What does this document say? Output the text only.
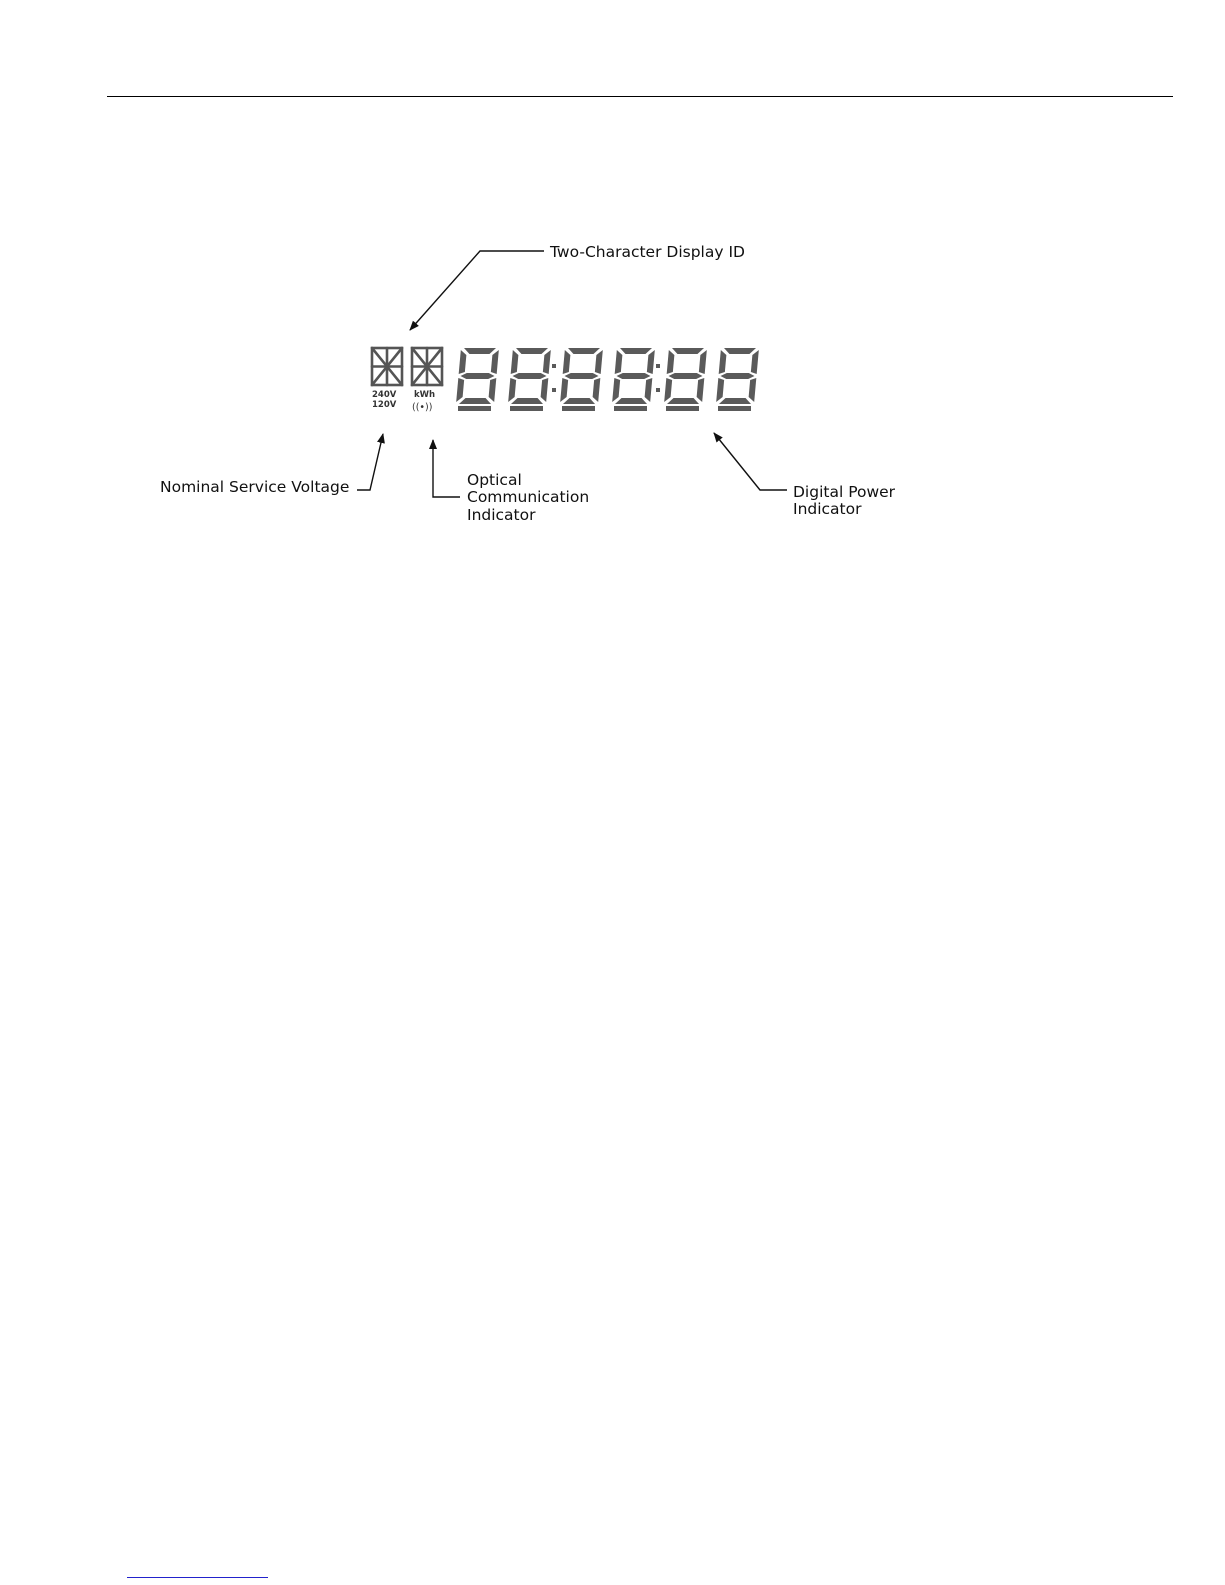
240V
120V
kWh
((•))
Two-Character Display ID
Nominal Service Voltage	Optical
Communication
Indicator
Digital Power
Indicator
